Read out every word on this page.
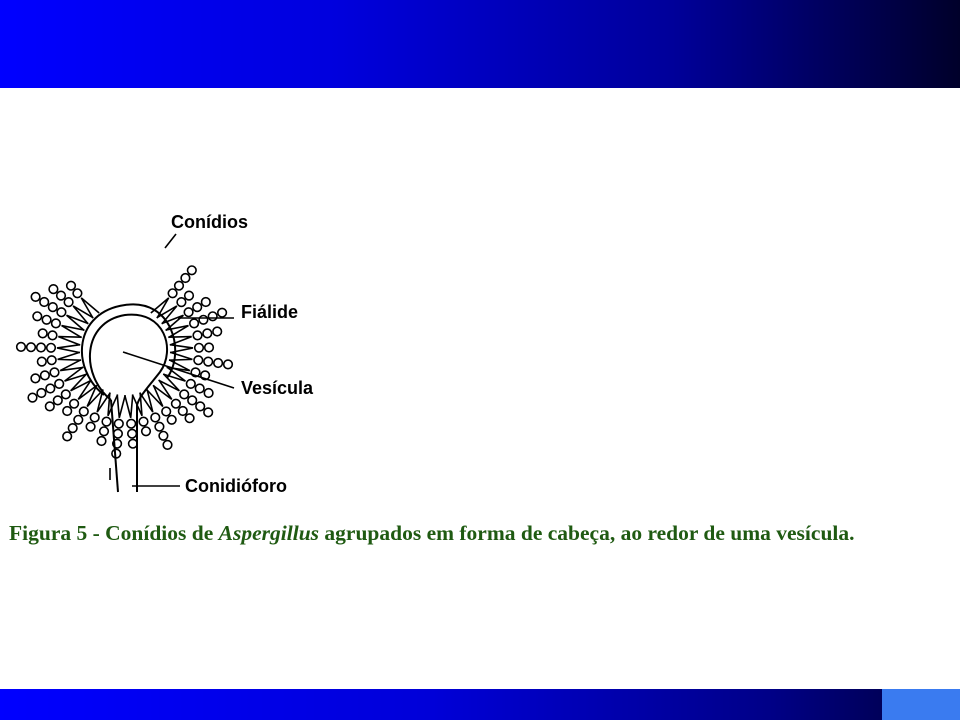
Conídios
Fiálide
Vesícula
Conidióforo
Figura 5 - Conídios de Aspergillus agrupados em forma de cabeça, ao redor de uma vesícula.
